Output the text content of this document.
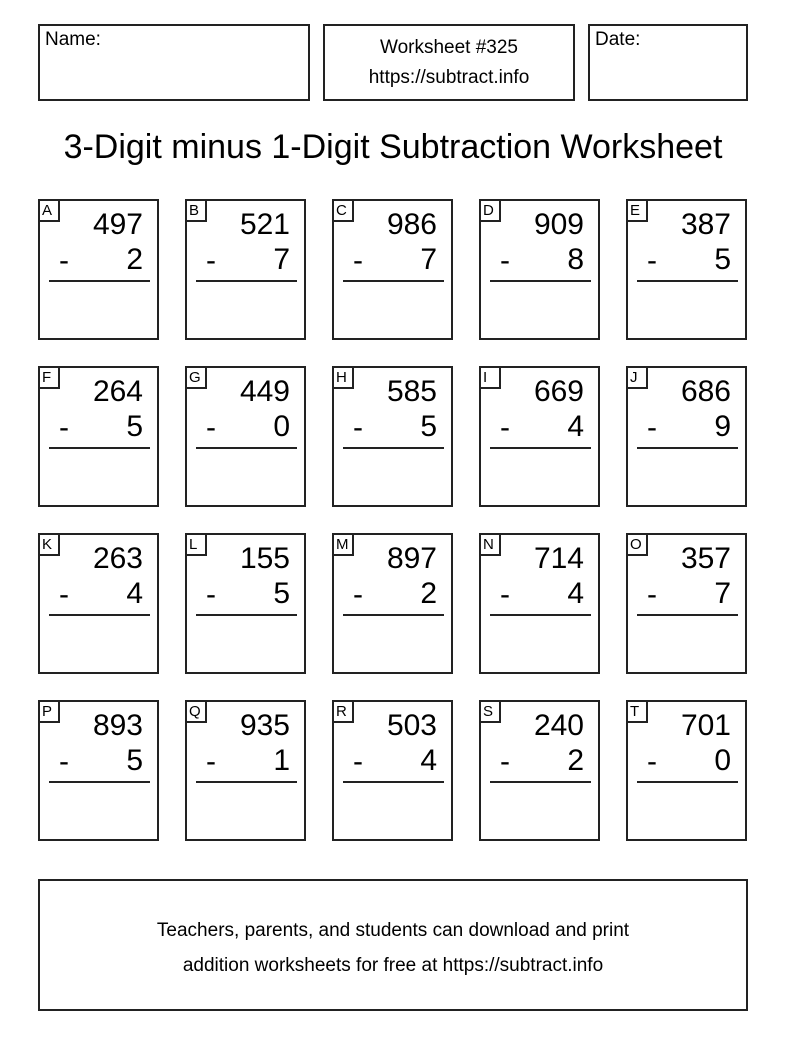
Name:	Worksheet #325
https://subtract.info
Date:
3-Digit minus 1-Digit Subtraction Worksheet
A 497
- 2
B 521
- 7
C 986
- 7
D 909
- 8
E 387
- 5
F 264
- 5
G 449
- 0
H 585
- 5
I	669
- 4
J	686
- 9
K 263
- 4
L	155
- 5
M 897
- 2
N 714
- 4
O 357
- 7
P 893
- 5
Q 935
- 1
R 503
- 4
S 240
- 2
T 701
- 0
Teachers, parents, and students can download and print
addition worksheets for free at https://subtract.info
